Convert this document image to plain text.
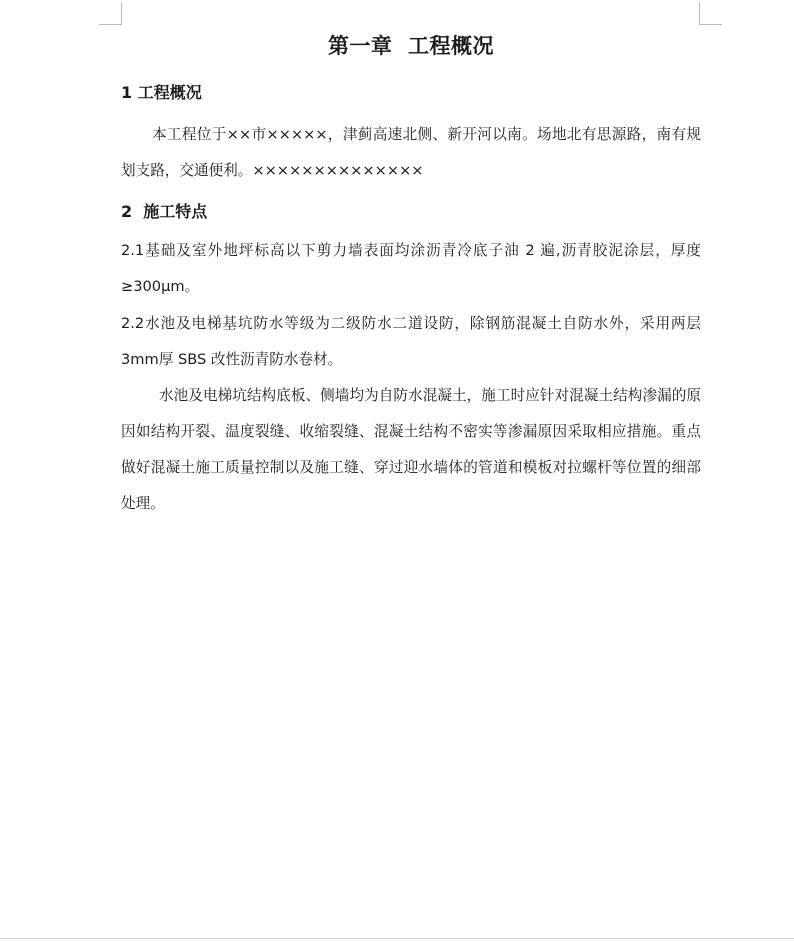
第一章  工程概况
1 工程概况
本工程位于××市×××××，津蓟高速北侧、新开河以南。场地北有思源路，南有规划支路，交通便利。××××××××××××××
2  施工特点
2.1基础及室外地坪标高以下剪力墙表面均涂沥青冷底子油 2 遍,沥青胶泥涂层，厚度≥300μm。
2.2水池及电梯基坑防水等级为二级防水二道设防，除钢筋混凝土自防水外，采用两层 3mm厚 SBS 改性沥青防水卷材。
水池及电梯坑结构底板、侧墙均为自防水混凝土，施工时应针对混凝土结构渗漏的原因如结构开裂、温度裂缝、收缩裂缝、混凝土结构不密实等渗漏原因采取相应措施。重点做好混凝土施工质量控制以及施工缝、穿过迎水墙体的管道和模板对拉螺杆等位置的细部处理。
